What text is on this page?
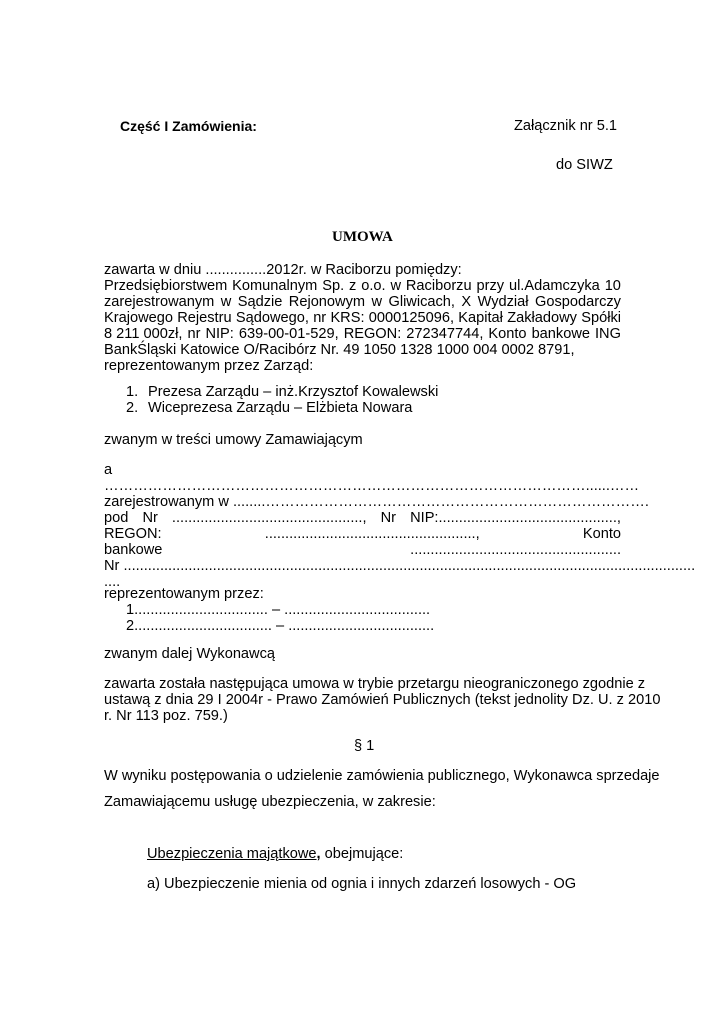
Część I Zamówienia:	Załącznik nr 5.1
do SIWZ
UMOWA
zawarta w dniu ...............2012r. w Raciborzu pomiędzy:
Przedsiębiorstwem Komunalnym Sp. z o.o. w Raciborzu przy ul.Adamczyka 10
zarejestrowanym w Sądzie Rejonowym w Gliwicach, X Wydział Gospodarczy
Krajowego Rejestru Sądowego, nr KRS: 0000125096, Kapitał Zakładowy Spółki
8 211 000zł, nr NIP: 639-00-01-529, REGON: 272347744, Konto bankowe ING
BankŚląski Katowice O/Racibórz Nr. 49 1050 1328 1000 004 0002 8791,
reprezentowanym przez Zarząd:
1. Prezesa Zarządu – inż.Krzysztof Kowalewski
2. Wiceprezesa Zarządu – Elżbieta Nowara
zwanym w treści umowy Zamawiającym
a
………………………………………………………………………………………......……
zarejestrowanym w ........…………………………………………………………………….
pod Nr ..............................................., Nr NIP:............................................,
REGON:	....................................................,	Konto
bankowe	....................................................
Nr .............................................................................................................................................
....
reprezentowanym przez:
1................................. – ....................................
2.................................. – ....................................
zwanym dalej Wykonawcą
zawarta została następująca umowa w trybie przetargu nieograniczonego zgodnie z
ustawą z dnia 29 I 2004r - Prawo Zamówień Publicznych (tekst jednolity Dz. U. z 2010
r. Nr 113 poz. 759.)
§ 1
W wyniku postępowania o udzielenie zamówienia publicznego, Wykonawca sprzedaje
Zamawiającemu usługę ubezpieczenia, w zakresie:
Ubezpieczenia majątkowe, obejmujące:
a) Ubezpieczenie mienia od ognia i innych zdarzeń losowych - OG
